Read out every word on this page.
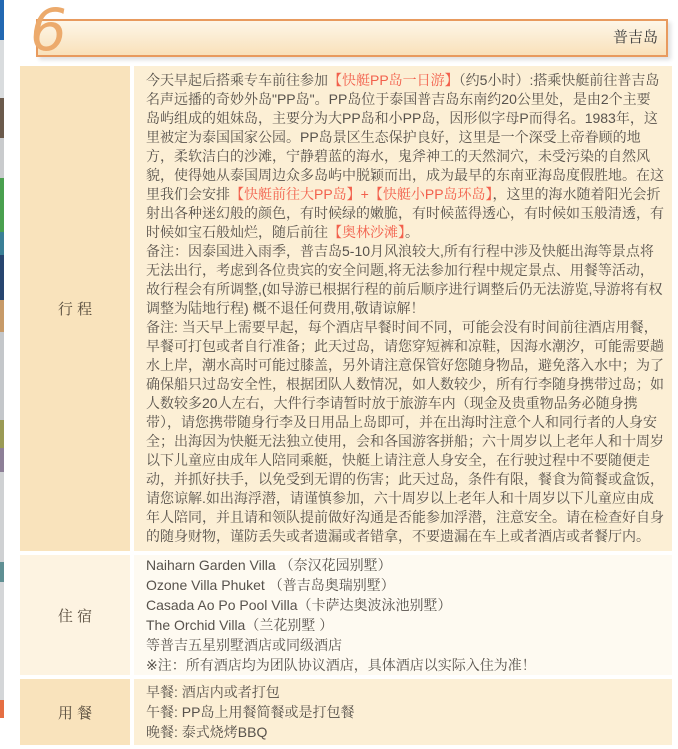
6	普吉岛
行 程

今天早起后搭乘专车前往参加【快艇PP岛一日游】（约5小时）:搭乘快艇前往普吉岛名声远播的奇妙外岛"PP岛"。PP岛位于泰国普吉岛东南约20公里处，是由2个主要岛屿组成的姐妹岛，主要分为大PP岛和小PP岛，因形似字母P而得名。1983年，这里被定为泰国国家公园。PP岛景区生态保护良好，这里是一个深受上帝眷顾的地方，柔软洁白的沙滩，宁静碧蓝的海水，鬼斧神工的天然洞穴，未受污染的自然风貌，使得她从泰国周边众多岛屿中脱颖而出，成为最早的东南亚海岛度假胜地。在这里我们会安排【快艇前往大PP岛】+【快艇小PP岛环岛】，这里的海水随着阳光会折射出各种迷幻般的颜色，有时候绿的嫩脆，有时候蓝得透心，有时候如玉般清透，有时候如宝石般灿烂，随后前往【奥林沙滩】。

备注：因泰国进入雨季，普吉岛5-10月风浪较大,所有行程中涉及快艇出海等景点将无法出行，考虑到各位贵宾的安全问题,将无法参加行程中规定景点、用餐等活动，故行程会有所调整,(如导游已根据行程的前后顺序进行调整后仍无法游览,导游将有权调整为陆地行程) 概不退任何费用,敬请谅解！

备注: 当天早上需要早起，每个酒店早餐时间不同，可能会没有时间前往酒店用餐，早餐可打包或者自行准备；此天过岛，请您穿短裤和凉鞋，因海水潮汐，可能需要趟水上岸，潮水高时可能过膝盖，另外请注意保管好您随身物品，避免落入水中；为了确保船只过岛安全性，根据团队人数情况，如人数较少，所有行李随身携带过岛；如人数较多20人左右，大件行李请暂时放于旅游车内（现金及贵重物品务必随身携带），请您携带随身行李及日用品上岛即可，并在出海时注意个人和同行者的人身安全；出海因为快艇无法独立使用，会和各国游客拼船；六十周岁以上老年人和十周岁以下儿童应由成年人陪同乘艇，快艇上请注意人身安全，在行驶过程中不要随便走动，并抓好扶手，以免受到无谓的伤害；此天过岛，条件有限，餐食为简餐或盒饭，请您谅解.如出海浮潜，请谨慎参加，六十周岁以上老年人和十周岁以下儿童应由成年人陪同，并且请和领队提前做好沟通是否能参加浮潜，注意安全。请在检查好自身的随身财物，谨防丢失或者遗漏或者错拿，不要遗漏在车上或者酒店或者餐厅内。

住 宿

Naiharn Garden Villa （奈汉花园别墅）

Ozone Villa Phuket （普吉岛奥瑞别墅）

Casada Ao Po Pool Villa（卡萨达奥波泳池别墅）

The Orchid Villa（兰花别墅 ）

等普吉五星别墅酒店或同级酒店

※注：所有酒店均为团队协议酒店，具体酒店以实际入住为准！

用 餐

早餐: 酒店内或者打包

午餐: PP岛上用餐简餐或是打包餐

晚餐: 泰式烧烤BBQ
